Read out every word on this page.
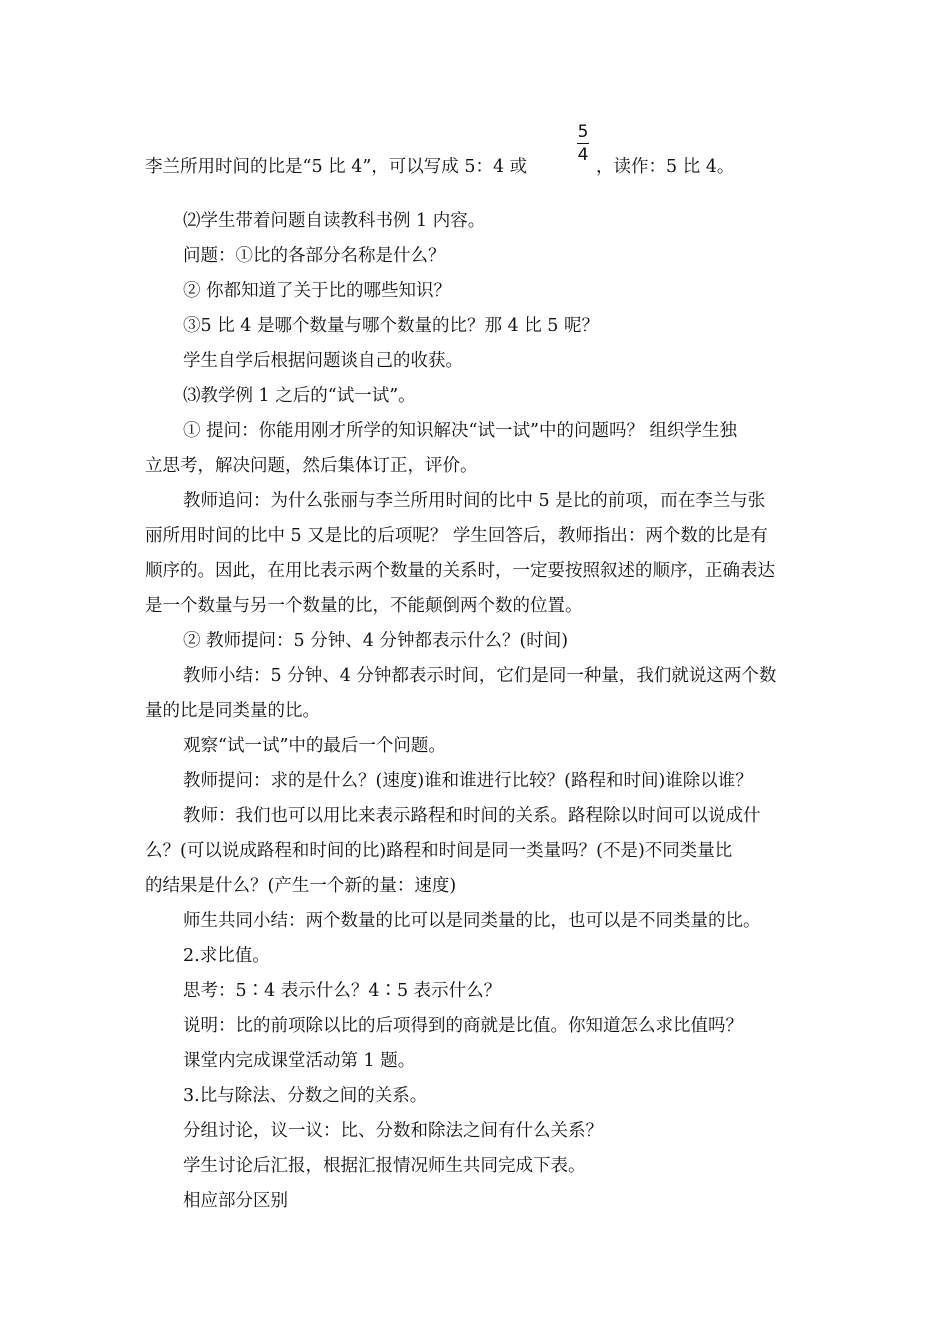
李兰所用时间的比是“5 比 4”，可以写成 5：4 或
5
4
，读作：5 比 4。
⑵学生带着问题自读教科书例 1 内容。
问题：①比的各部分名称是什么？
② 你都知道了关于比的哪些知识？
③5 比 4 是哪个数量与哪个数量的比？那 4 比 5 呢？
学生自学后根据问题谈自己的收获。
⑶教学例 1 之后的“试一试”。
① 提问：你能用刚才所学的知识解决“试一试”中的问题吗？ 组织学生独
立思考，解决问题，然后集体订正，评价。
教师追问：为什么张丽与李兰所用时间的比中 5 是比的前项，而在李兰与张
丽所用时间的比中 5 又是比的后项呢？ 学生回答后，教师指出：两个数的比是有
顺序的。因此，在用比表示两个数量的关系时，一定要按照叙述的顺序，正确表达
是一个数量与另一个数量的比，不能颠倒两个数的位置。
② 教师提问：5 分钟、4 分钟都表示什么？(时间)
教师小结：5 分钟、4 分钟都表示时间，它们是同一种量，我们就说这两个数
量的比是同类量的比。
观察“试一试”中的最后一个问题。
教师提问：求的是什么？(速度)谁和谁进行比较？(路程和时间)谁除以谁？
教师：我们也可以用比来表示路程和时间的关系。路程除以时间可以说成什
么？(可以说成路程和时间的比)路程和时间是同一类量吗？(不是)不同类量比
的结果是什么？(产生一个新的量：速度)
师生共同小结：两个数量的比可以是同类量的比，也可以是不同类量的比。
2.求比值。
思考：5∶4 表示什么？4∶5 表示什么？
说明：比的前项除以比的后项得到的商就是比值。你知道怎么求比值吗？
课堂内完成课堂活动第 1 题。
3.比与除法、分数之间的关系。
分组讨论，议一议：比、分数和除法之间有什么关系？
学生讨论后汇报，根据汇报情况师生共同完成下表。
相应部分区别
